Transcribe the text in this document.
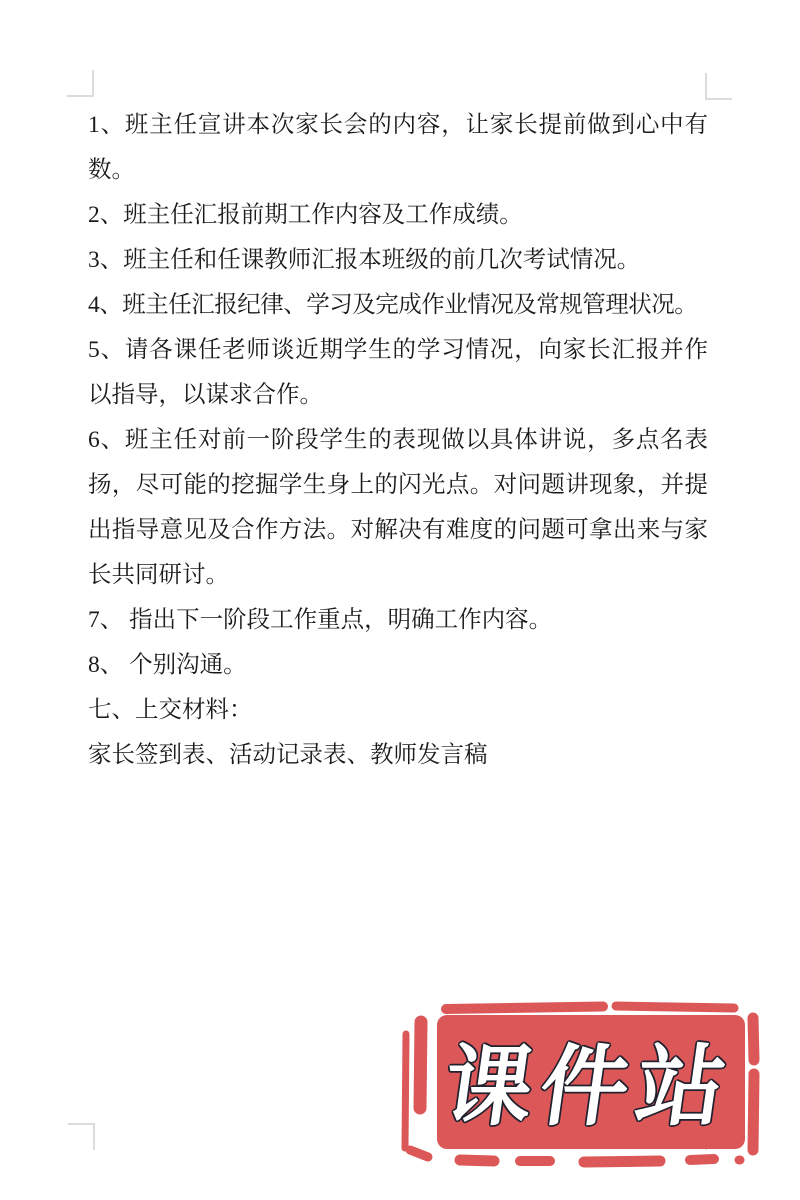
1、班主任宣讲本次家长会的内容，让家长提前做到心中有数。

2、班主任汇报前期工作内容及工作成绩。

3、班主任和任课教师汇报本班级的前几次考试情况。

4、班主任汇报纪律、学习及完成作业情况及常规管理状况。

5、请各课任老师谈近期学生的学习情况，向家长汇报并作以指导，以谋求合作。

6、班主任对前一阶段学生的表现做以具体讲说，多点名表扬，尽可能的挖掘学生身上的闪光点。对问题讲现象，并提出指导意见及合作方法。对解决有难度的问题可拿出来与家长共同研讨。

7、 指出下一阶段工作重点，明确工作内容。

8、 个别沟通。

七、上交材料：

家长签到表、活动记录表、教师发言稿

课件站
